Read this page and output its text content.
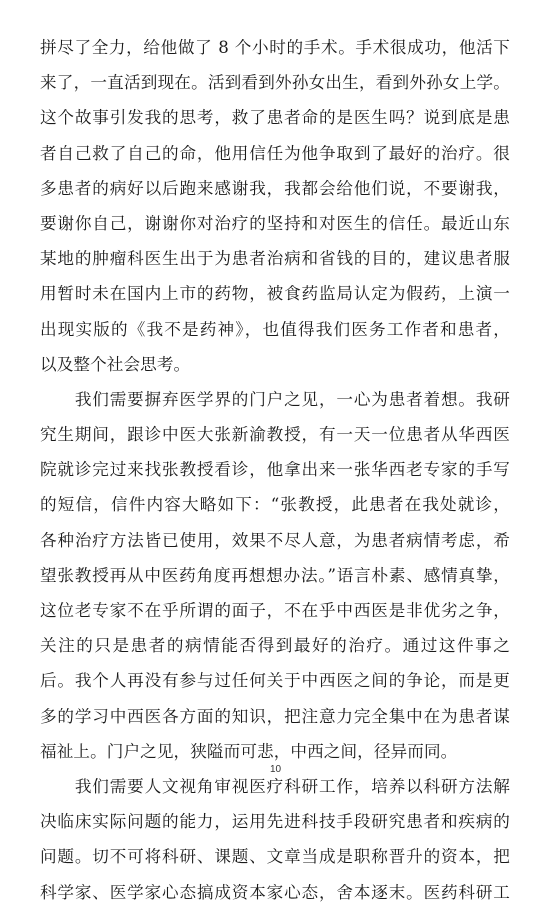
拼尽了全力，给他做了 8 个小时的手术。手术很成功，他活下
来了，一直活到现在。活到看到外孙女出生，看到外孙女上学。
这个故事引发我的思考，救了患者命的是医生吗？说到底是患
者自己救了自己的命，他用信任为他争取到了最好的治疗。很
多患者的病好以后跑来感谢我，我都会给他们说，不要谢我，
要谢你自己，谢谢你对治疗的坚持和对医生的信任。最近山东
某地的肿瘤科医生出于为患者治病和省钱的目的，建议患者服
用暂时未在国内上市的药物，被食药监局认定为假药，上演一
出现实版的《我不是药神》，也值得我们医务工作者和患者，
以及整个社会思考。
　　我们需要摒弃医学界的门户之见，一心为患者着想。我研
究生期间，跟诊中医大张新渝教授，有一天一位患者从华西医
院就诊完过来找张教授看诊，他拿出来一张华西老专家的手写
的短信，信件内容大略如下：“张教授，此患者在我处就诊，
各种治疗方法皆已使用，效果不尽人意，为患者病情考虑，希
望张教授再从中医药角度再想想办法。”语言朴素、感情真挚，
这位老专家不在乎所谓的面子，不在乎中西医是非优劣之争，
关注的只是患者的病情能否得到最好的治疗。通过这件事之
后。我个人再没有参与过任何关于中西医之间的争论，而是更
多的学习中西医各方面的知识，把注意力完全集中在为患者谋
福祉上。门户之见，狭隘而可悲，中西之间，径异而同。
　　我们需要人文视角审视医疗科研工作，培养以科研方法解
决临床实际问题的能力，运用先进科技手段研究患者和疾病的
问题。切不可将科研、课题、文章当成是职称晋升的资本，把
科学家、医学家心态搞成资本家心态，舍本逐末。医药科研工
10
